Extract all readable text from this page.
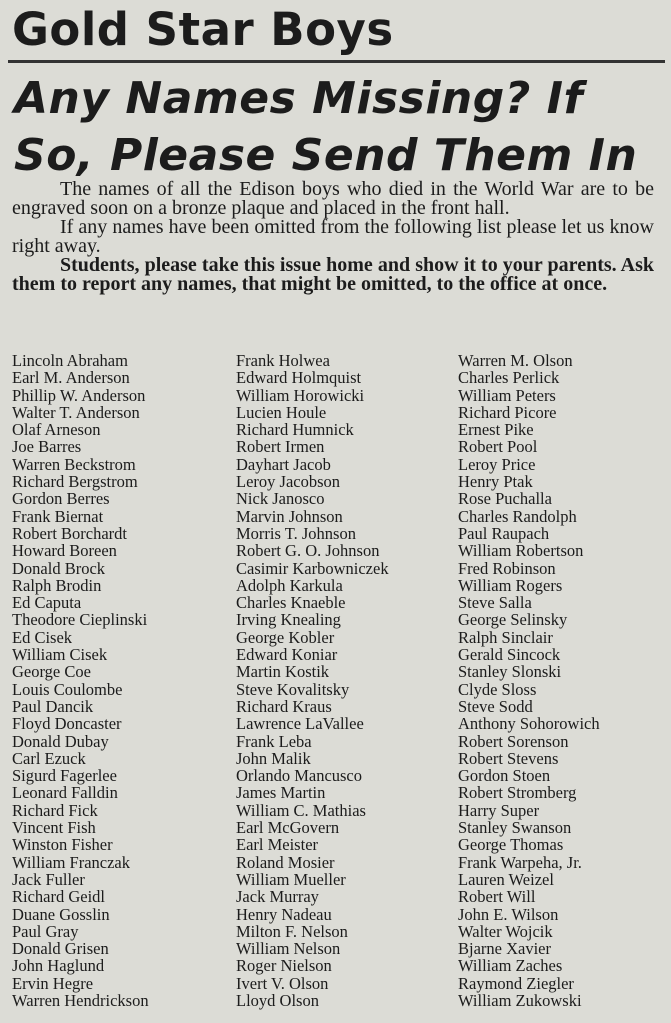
Gold Star Boys
Any Names Missing? If
So, Please Send Them In

The names of all the Edison boys who died in the World War are to be engraved soon on a bronze plaque and placed in the front hall.

If any names have been omitted from the following list please let us know right away.

Students, please take this issue home and show it to your parents. Ask them to report any names, that might be omitted, to the office at once.

Lincoln Abraham
Earl M. Anderson
Phillip W. Anderson
Walter T. Anderson
Olaf Arneson
Joe Barres
Warren Beckstrom
Richard Bergstrom
Gordon Berres
Frank Biernat
Robert Borchardt
Howard Boreen
Donald Brock
Ralph Brodin
Ed Caputa
Theodore Cieplinski
Ed Cisek
William Cisek
George Coe
Louis Coulombe
Paul Dancik
Floyd Doncaster
Donald Dubay
Carl Ezuck
Sigurd Fagerlee
Leonard Falldin
Richard Fick
Vincent Fish
Winston Fisher
William Franczak
Jack Fuller
Richard Geidl
Duane Gosslin
Paul Gray
Donald Grisen
John Haglund
Ervin Hegre
Warren Hendrickson
Frank Holwea
Edward Holmquist
William Horowicki
Lucien Houle
Richard Humnick
Robert Irmen
Dayhart Jacob
Leroy Jacobson
Nick Janosco
Marvin Johnson
Morris T. Johnson
Robert G. O. Johnson
Casimir Karbowniczek
Adolph Karkula
Charles Knaeble
Irving Knealing
George Kobler
Edward Koniar
Martin Kostik
Steve Kovalitsky
Richard Kraus
Lawrence LaVallee
Frank Leba
John Malik
Orlando Mancusco
James Martin
William C. Mathias
Earl McGovern
Earl Meister
Roland Mosier
William Mueller
Jack Murray
Henry Nadeau
Milton F. Nelson
William Nelson
Roger Nielson
Ivert V. Olson
Lloyd Olson
Warren M. Olson
Charles Perlick
William Peters
Richard Picore
Ernest Pike
Robert Pool
Leroy Price
Henry Ptak
Rose Puchalla
Charles Randolph
Paul Raupach
William Robertson
Fred Robinson
William Rogers
Steve Salla
George Selinsky
Ralph Sinclair
Gerald Sincock
Stanley Slonski
Clyde Sloss
Steve Sodd
Anthony Sohorowich
Robert Sorenson
Robert Stevens
Gordon Stoen
Robert Stromberg
Harry Super
Stanley Swanson
George Thomas
Frank Warpeha, Jr.
Lauren Weizel
Robert Will
John E. Wilson
Walter Wojcik
Bjarne Xavier
William Zaches
Raymond Ziegler
William Zukowski
